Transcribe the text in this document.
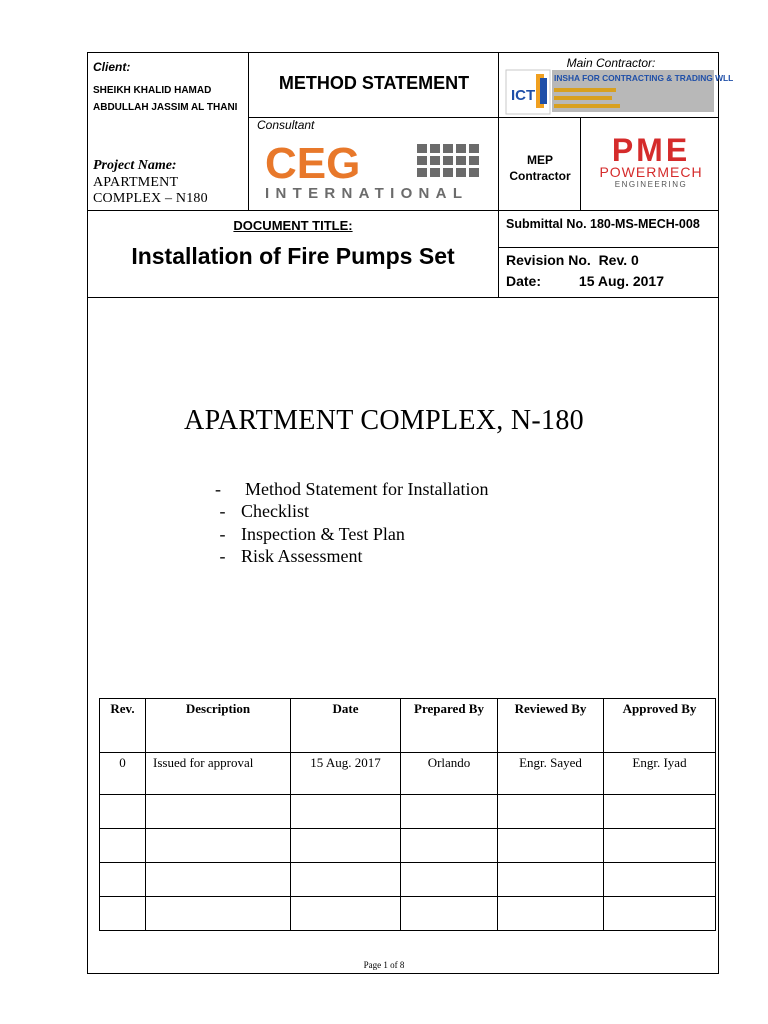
Client:
SHEIKH KHALID HAMAD ABDULLAH JASSIM AL THANI
Project Name:
APARTMENT COMPLEX – N180
METHOD STATEMENT
Consultant
CEG
INTERNATIONAL
Main Contractor:
ICT
INSHA FOR CONTRACTING & TRADING WLL
MEP
Contractor
PME
POWERMECH
ENGINEERING
DOCUMENT TITLE:
Installation of Fire Pumps Set
Submittal No. 180-MS-MECH-008
Revision No.  Rev. 0
Date:	15 Aug. 2017
APARTMENT COMPLEX, N-180
- Method Statement for Installation
- Checklist
- Inspection & Test Plan
- Risk Assessment
Rev.	Description	Date	Prepared By	Reviewed By	Approved By
0	Issued for approval	15 Aug. 2017	Orlando	Engr. Sayed	Engr. Iyad

Page 1 of 8
